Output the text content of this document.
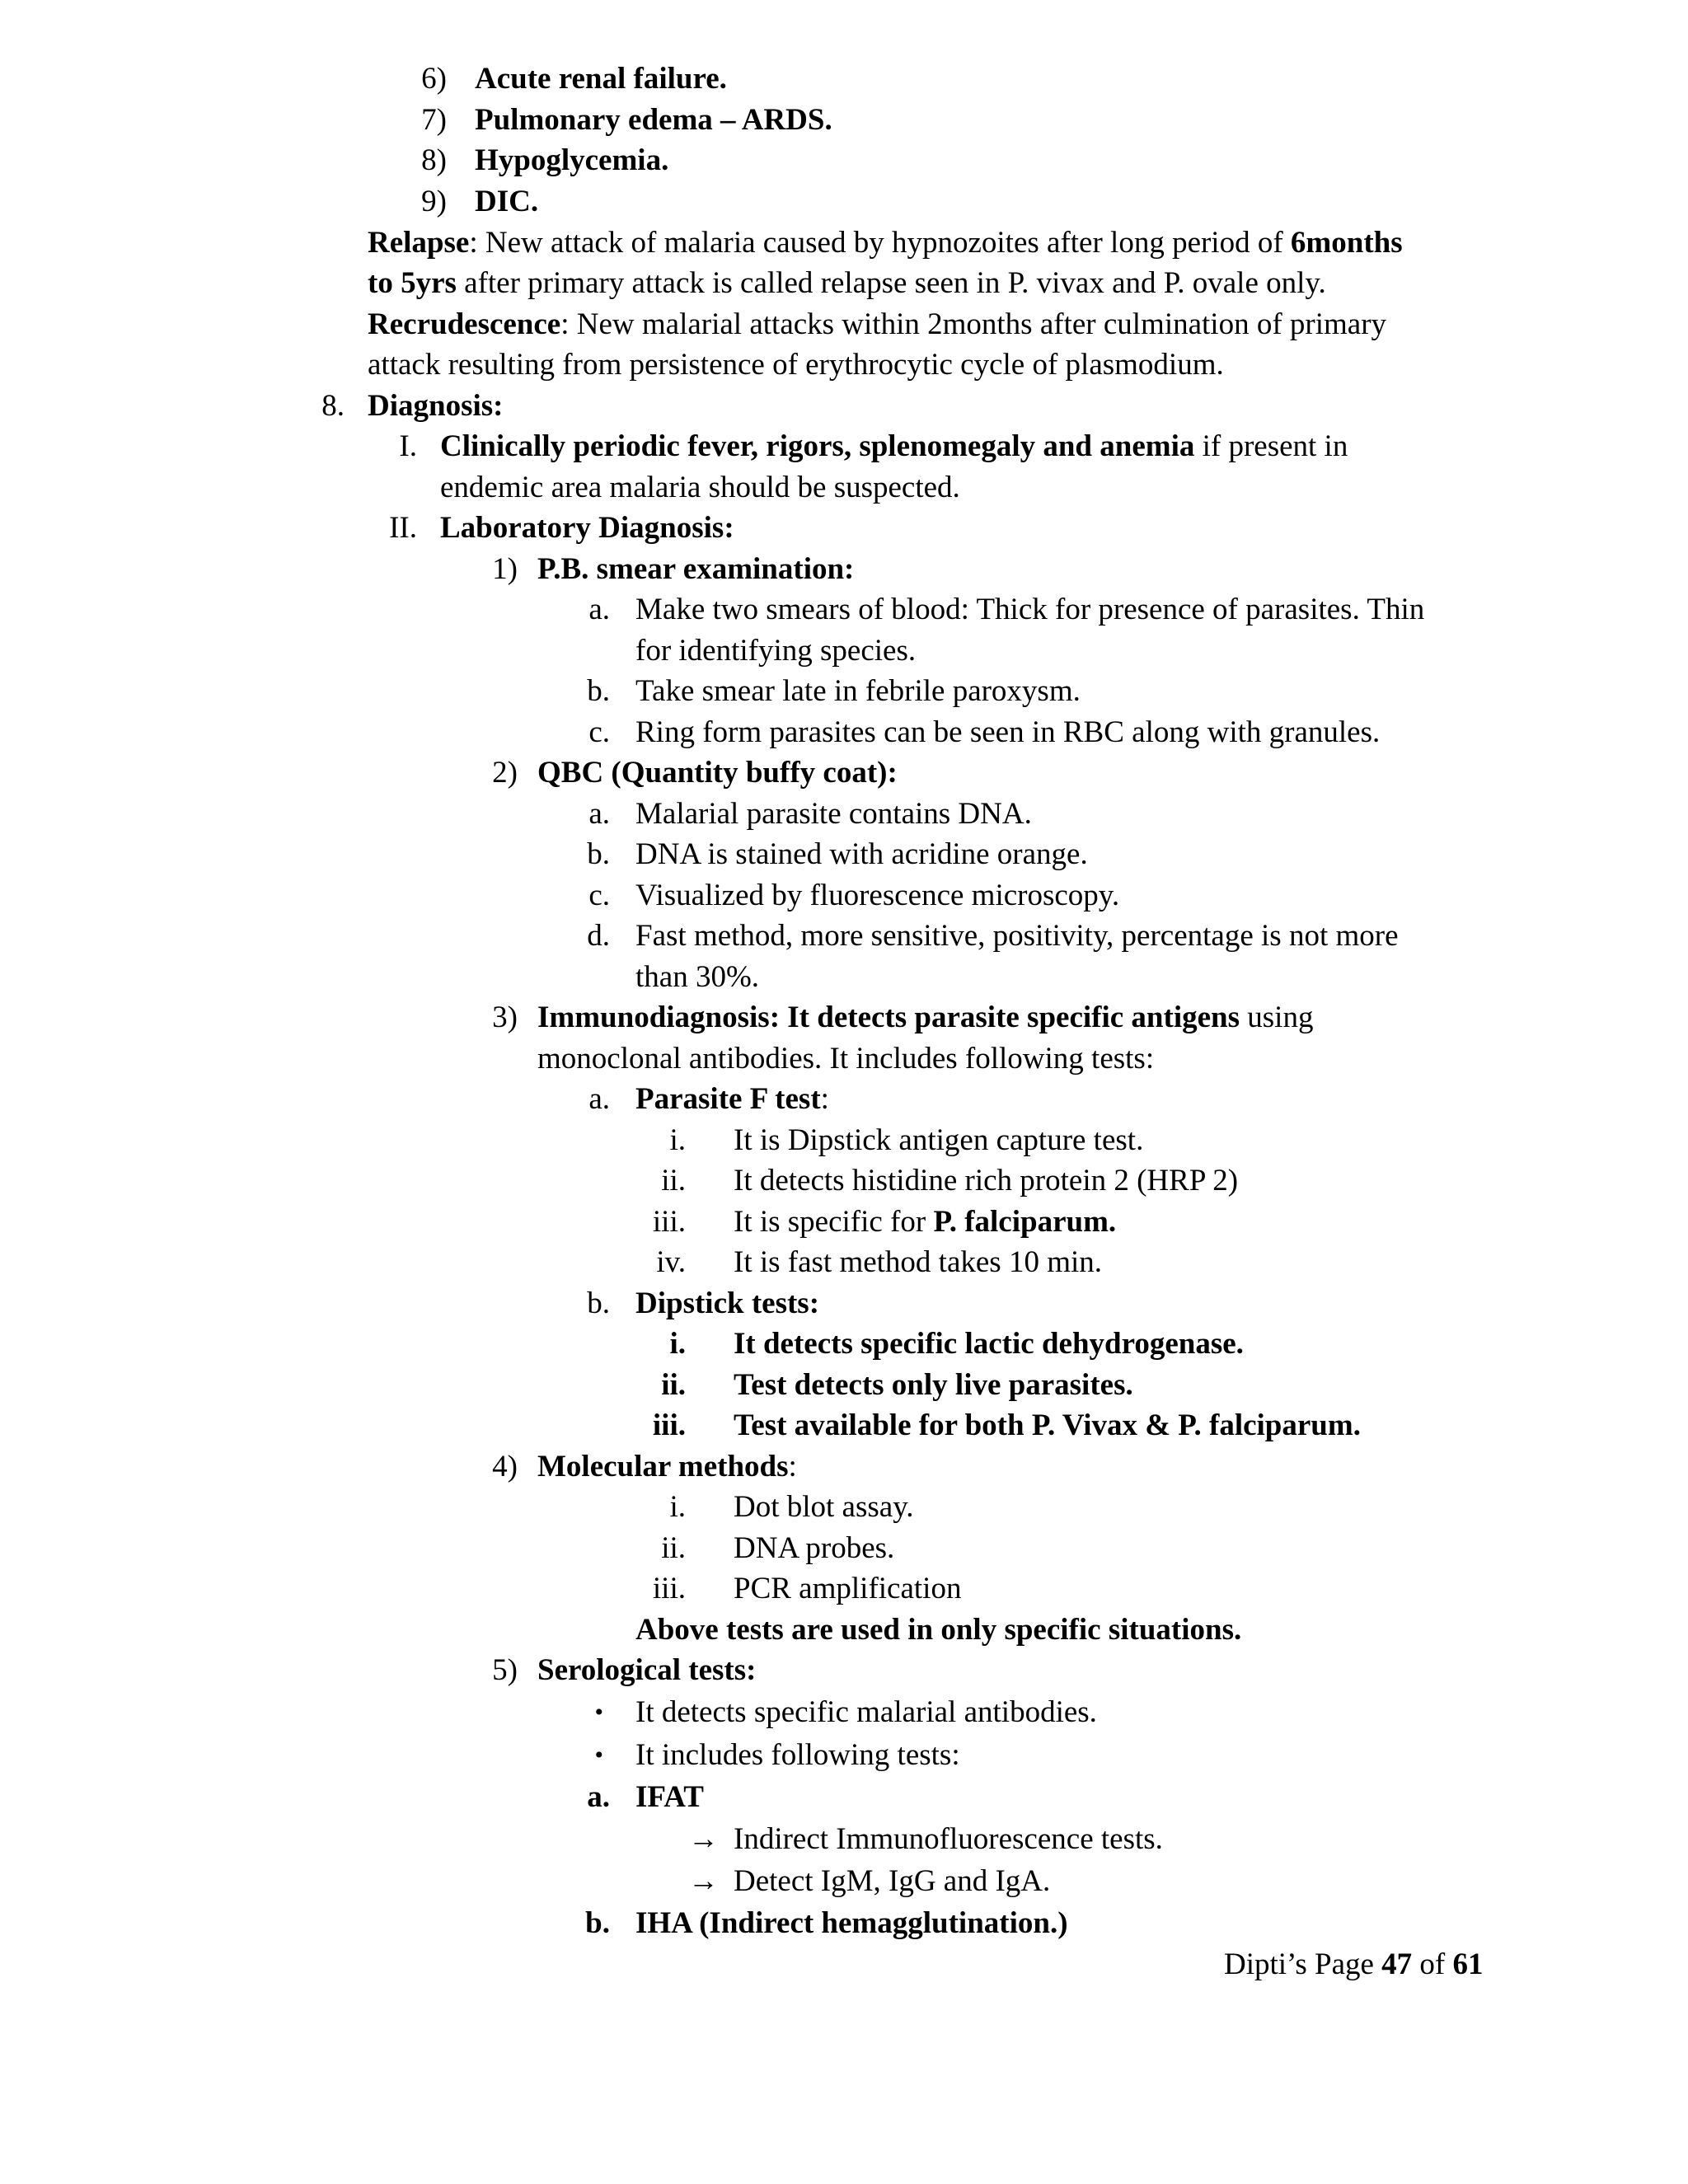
6) Acute renal failure.
7) Pulmonary edema – ARDS.
8) Hypoglycemia.
9) DIC.
Relapse: New attack of malaria caused by hypnozoites after long period of 6months
to 5yrs after primary attack is called relapse seen in P. vivax and P. ovale only.
Recrudescence: New malarial attacks within 2months after culmination of primary
attack resulting from persistence of erythrocytic cycle of plasmodium.
8. Diagnosis:
I. Clinically periodic fever, rigors, splenomegaly and anemia if present in
endemic area malaria should be suspected.
II. Laboratory Diagnosis:
1) P.B. smear examination:
a. Make two smears of blood: Thick for presence of parasites. Thin
for identifying species.
b. Take smear late in febrile paroxysm.
c. Ring form parasites can be seen in RBC along with granules.
2) QBC (Quantity buffy coat):
a. Malarial parasite contains DNA.
b. DNA is stained with acridine orange.
c. Visualized by fluorescence microscopy.
d. Fast method, more sensitive, positivity, percentage is not more
than 30%.
3) Immunodiagnosis: It detects parasite specific antigens using
monoclonal antibodies. It includes following tests:
a. Parasite F test:
i. It is Dipstick antigen capture test.
ii. It detects histidine rich protein 2 (HRP 2)
iii. It is specific for P. falciparum.
iv. It is fast method takes 10 min.
b. Dipstick tests:
i. It detects specific lactic dehydrogenase.
ii. Test detects only live parasites.
iii. Test available for both P. Vivax & P. falciparum.
4) Molecular methods:
i. Dot blot assay.
ii. DNA probes.
iii. PCR amplification
Above tests are used in only specific situations.
5) Serological tests:
• It detects specific malarial antibodies.
• It includes following tests:
a. IFAT
→ Indirect Immunofluorescence tests.
→ Detect IgM, IgG and IgA.
b. IHA (Indirect hemagglutination.)
Dipti’s Page 47 of 61
